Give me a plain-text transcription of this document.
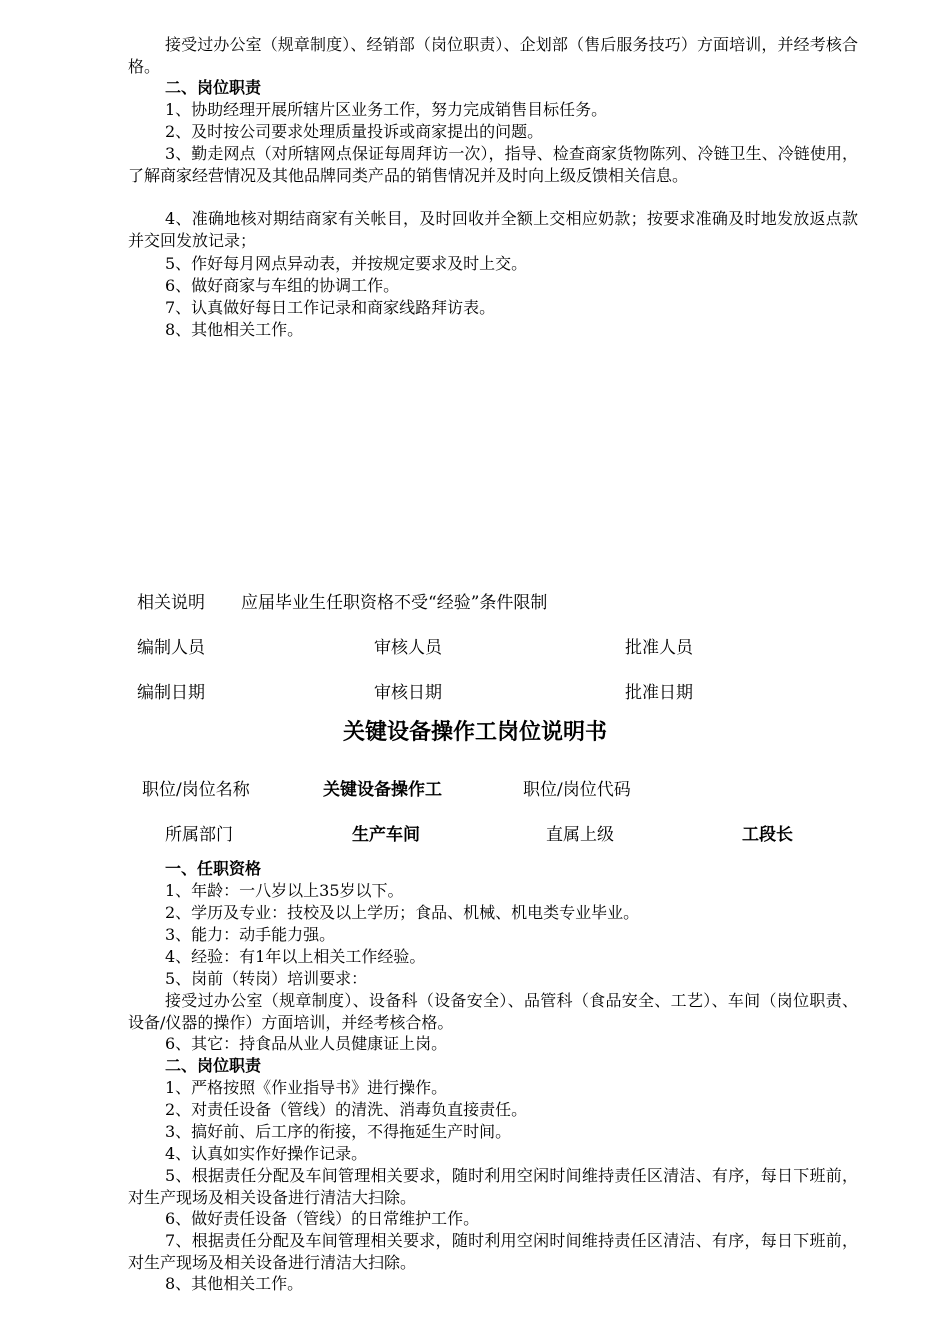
接受过办公室（规章制度）、经销部（岗位职责）、企划部（售后服务技巧）方面培训，并经考核合格。

二、岗位职责

1、协助经理开展所辖片区业务工作，努力完成销售目标任务。

2、及时按公司要求处理质量投诉或商家提出的问题。

3、勤走网点（对所辖网点保证每周拜访一次），指导、检查商家货物陈列、冷链卫生、冷链使用，了解商家经营情况及其他品牌同类产品的销售情况并及时向上级反馈相关信息。

4、准确地核对期结商家有关帐目，及时回收并全额上交相应奶款；按要求准确及时地发放返点款并交回发放记录；

5、作好每月网点异动表，并按规定要求及时上交。

6、做好商家与车组的协调工作。

7、认真做好每日工作记录和商家线路拜访表。

8、其他相关工作。

相关说明 应届毕业生任职资格不受“经验”条件限制
编制人员	审核人员	批准人员
编制日期	审核日期	批准日期
关键设备操作工岗位说明书
职位/岗位名称	关键设备操作工	职位/岗位代码
所属部门	生产车间	直属上级	工段长

一、任职资格

1、年龄：一八岁以上35岁以下。

2、学历及专业：技校及以上学历；食品、机械、机电类专业毕业。

3、能力：动手能力强。

4、经验：有1年以上相关工作经验。

5、岗前（转岗）培训要求：

接受过办公室（规章制度）、设备科（设备安全）、品管科（食品安全、工艺）、车间（岗位职责、设备/仪器的操作）方面培训，并经考核合格。

6、其它：持食品从业人员健康证上岗。

二、岗位职责

1、严格按照《作业指导书》进行操作。

2、对责任设备（管线）的清洗、消毒负直接责任。

3、搞好前、后工序的衔接，不得拖延生产时间。

4、认真如实作好操作记录。

5、根据责任分配及车间管理相关要求，随时利用空闲时间维持责任区清洁、有序，每日下班前，对生产现场及相关设备进行清洁大扫除。

6、做好责任设备（管线）的日常维护工作。

7、根据责任分配及车间管理相关要求，随时利用空闲时间维持责任区清洁、有序，每日下班前，对生产现场及相关设备进行清洁大扫除。

8、其他相关工作。
